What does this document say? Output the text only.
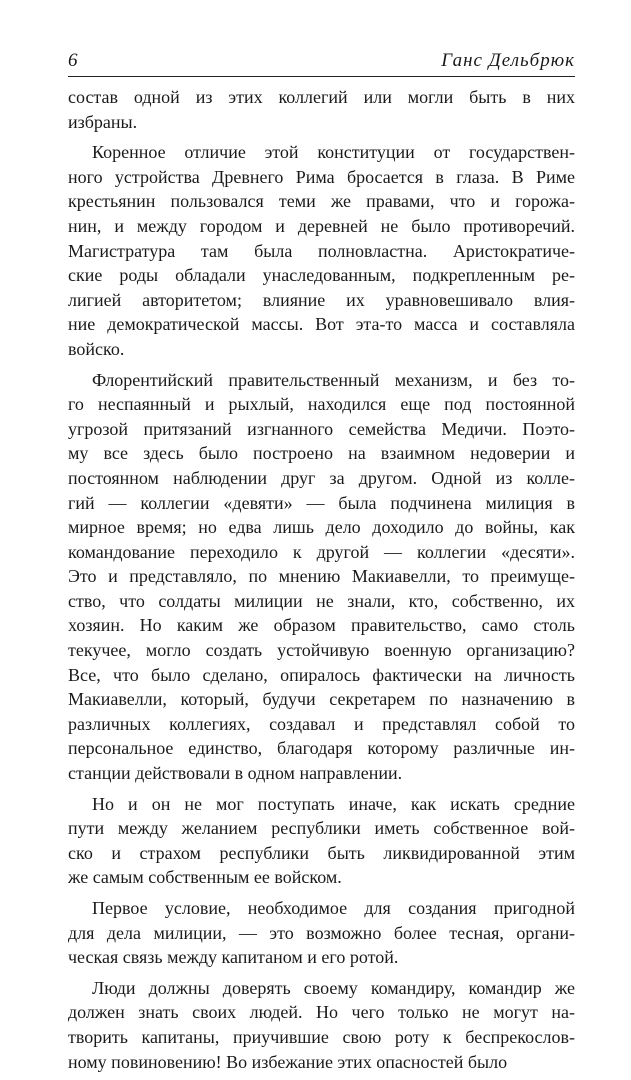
6	Ганс Дельбрюк

состав одной из этих коллегий или могли быть в них
избраны.

Коренное отличие этой конституции от государствен-
ного устройства Древнего Рима бросается в глаза. В Риме
крестьянин пользовался теми же правами, что и горожа-
нин, и между городом и деревней не было противоречий.
Магистратура там была полновластна. Аристократиче-
ские роды обладали унаследованным, подкрепленным ре-
лигией авторитетом; влияние их уравновешивало влия-
ние демократической массы. Вот эта-то масса и составляла
войско.

Флорентийский правительственный механизм, и без то-
го неспаянный и рыхлый, находился еще под постоянной
угрозой притязаний изгнанного семейства Медичи. Поэто-
му все здесь было построено на взаимном недоверии и
постоянном наблюдении друг за другом. Одной из колле-
гий — коллегии «девяти» — была подчинена милиция в
мирное время; но едва лишь дело доходило до войны, как
командование переходило к другой — коллегии «десяти».
Это и представляло, по мнению Макиавелли, то преимуще-
ство, что солдаты милиции не знали, кто, собственно, их
хозяин. Но каким же образом правительство, само столь
текучее, могло создать устойчивую военную организацию?
Все, что было сделано, опиралось фактически на личность
Макиавелли, который, будучи секретарем по назначению в
различных коллегиях, создавал и представлял собой то
персональное единство, благодаря которому различные ин-
станции действовали в одном направлении.

Но и он не мог поступать иначе, как искать средние
пути между желанием республики иметь собственное вой-
ско и страхом республики быть ликвидированной этим
же самым собственным ее войском.

Первое условие, необходимое для создания пригодной
для дела милиции, — это возможно более тесная, органи-
ческая связь между капитаном и его ротой.

Люди должны доверять своему командиру, командир же
должен знать своих людей. Но чего только не могут на-
творить капитаны, приучившие свою роту к беспрекослов-
ному повиновению! Во избежание этих опасностей было
